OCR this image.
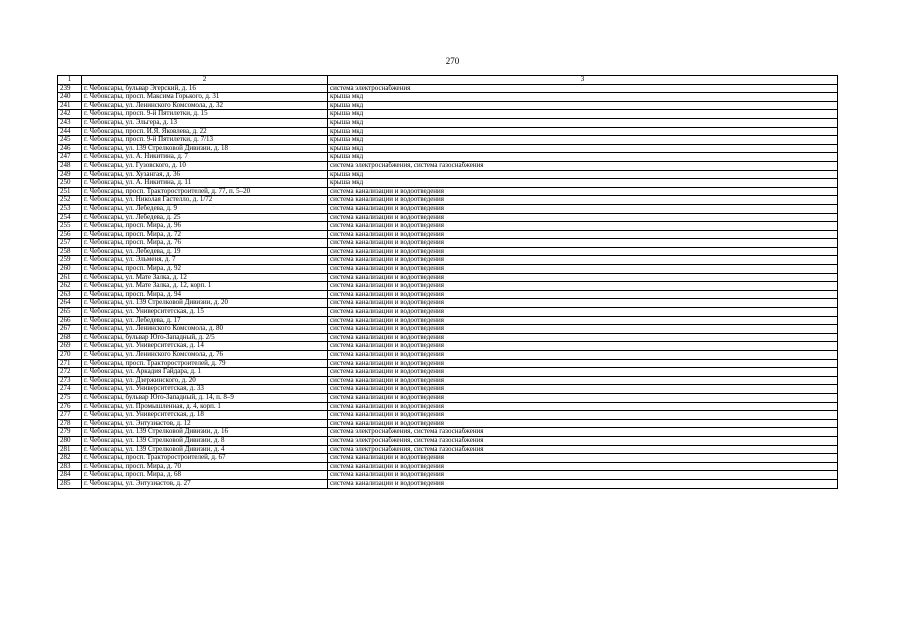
270
1	2	3
239	г. Чебоксары, бульвар Эгерский, д. 16	система электроснабжения
240	г. Чебоксары, просп. Максима Горького, д. 31	крыша мкд
241	г. Чебоксары, ул. Ленинского Комсомола, д. 32	крыша мкд
242	г. Чебоксары, просп. 9-й Пятилетки, д. 15	крыша мкд
243	г. Чебоксары, ул. Эльгера, д. 13	крыша мкд
244	г. Чебоксары, просп. И.Я. Яковлева, д. 22	крыша мкд
245	г. Чебоксары, просп. 9-й Пятилетки, д. 7/13	крыша мкд
246	г. Чебоксары, ул. 139 Стрелковой Дивизии, д. 18	крыша мкд
247	г. Чебоксары, ул. А. Никитина, д. 7	крыша мкд
248	г. Чебоксары, ул. Гузовского, д. 10	система электроснабжения, система газоснабжения
249	г. Чебоксары, ул. Хузангая, д. 36	крыша мкд
250	г. Чебоксары, ул. А. Никитина, д. 11	крыша мкд
251	г. Чебоксары, просп. Тракторостроителей, д. 77, п. 5–20	система канализации и водоотведения
252	г. Чебоксары, ул. Николая Гастелло, д. 1/72	система канализации и водоотведения
253	г. Чебоксары, ул. Лебедева, д. 9	система канализации и водоотведения
254	г. Чебоксары, ул. Лебедева, д. 25	система канализации и водоотведения
255	г. Чебоксары, просп. Мира, д. 96	система канализации и водоотведения
256	г. Чебоксары, просп. Мира, д. 72	система канализации и водоотведения
257	г. Чебоксары, просп. Мира, д. 76	система канализации и водоотведения
258	г. Чебоксары, ул. Лебедева, д. 19	система канализации и водоотведения
259	г. Чебоксары, ул. Эльменя, д. 7	система канализации и водоотведения
260	г. Чебоксары, просп. Мира, д. 92	система канализации и водоотведения
261	г. Чебоксары, ул. Мате Залка, д. 12	система канализации и водоотведения
262	г. Чебоксары, ул. Мате Залка, д. 12, корп. 1	система канализации и водоотведения
263	г. Чебоксары, просп. Мира, д. 94	система канализации и водоотведения
264	г. Чебоксары, ул. 139 Стрелковой Дивизии, д. 20	система канализации и водоотведения
265	г. Чебоксары, ул. Университетская, д. 15	система канализации и водоотведения
266	г. Чебоксары, ул. Лебедева, д. 17	система канализации и водоотведения
267	г. Чебоксары, ул. Ленинского Комсомола, д. 80	система канализации и водоотведения
268	г. Чебоксары, бульвар Юго-Западный, д. 2/5	система канализации и водоотведения
269	г. Чебоксары, ул. Университетская, д. 14	система канализации и водоотведения
270	г. Чебоксары, ул. Ленинского Комсомола, д. 76	система канализации и водоотведения
271	г. Чебоксары, просп. Тракторостроителей, д. 79	система канализации и водоотведения
272	г. Чебоксары, ул. Аркадия Гайдара, д. 1	система канализации и водоотведения
273	г. Чебоксары, ул. Дзержинского, д. 20	система канализации и водоотведения
274	г. Чебоксары, ул. Университетская, д. 33	система канализации и водоотведения
275	г. Чебоксары, бульвар Юго-Западный, д. 14, п. 8–9	система канализации и водоотведения
276	г. Чебоксары, ул. Промышленная, д. 4, корп. 1	система канализации и водоотведения
277	г. Чебоксары, ул. Университетская, д. 18	система канализации и водоотведения
278	г. Чебоксары, ул. Энтузиастов, д. 12	система канализации и водоотведения
279	г. Чебоксары, ул. 139 Стрелковой Дивизии, д. 16	система электроснабжения, система газоснабжения
280	г. Чебоксары, ул. 139 Стрелковой Дивизии, д. 8	система электроснабжения, система газоснабжения
281	г. Чебоксары, ул. 139 Стрелковой Дивизии, д. 4	система электроснабжения, система газоснабжения
282	г. Чебоксары, просп. Тракторостроителей, д. 67	система канализации и водоотведения
283	г. Чебоксары, просп. Мира, д. 70	система канализации и водоотведения
284	г. Чебоксары, просп. Мира, д. 68	система канализации и водоотведения
285	г. Чебоксары, ул. Энтузиастов, д. 27	система канализации и водоотведения
